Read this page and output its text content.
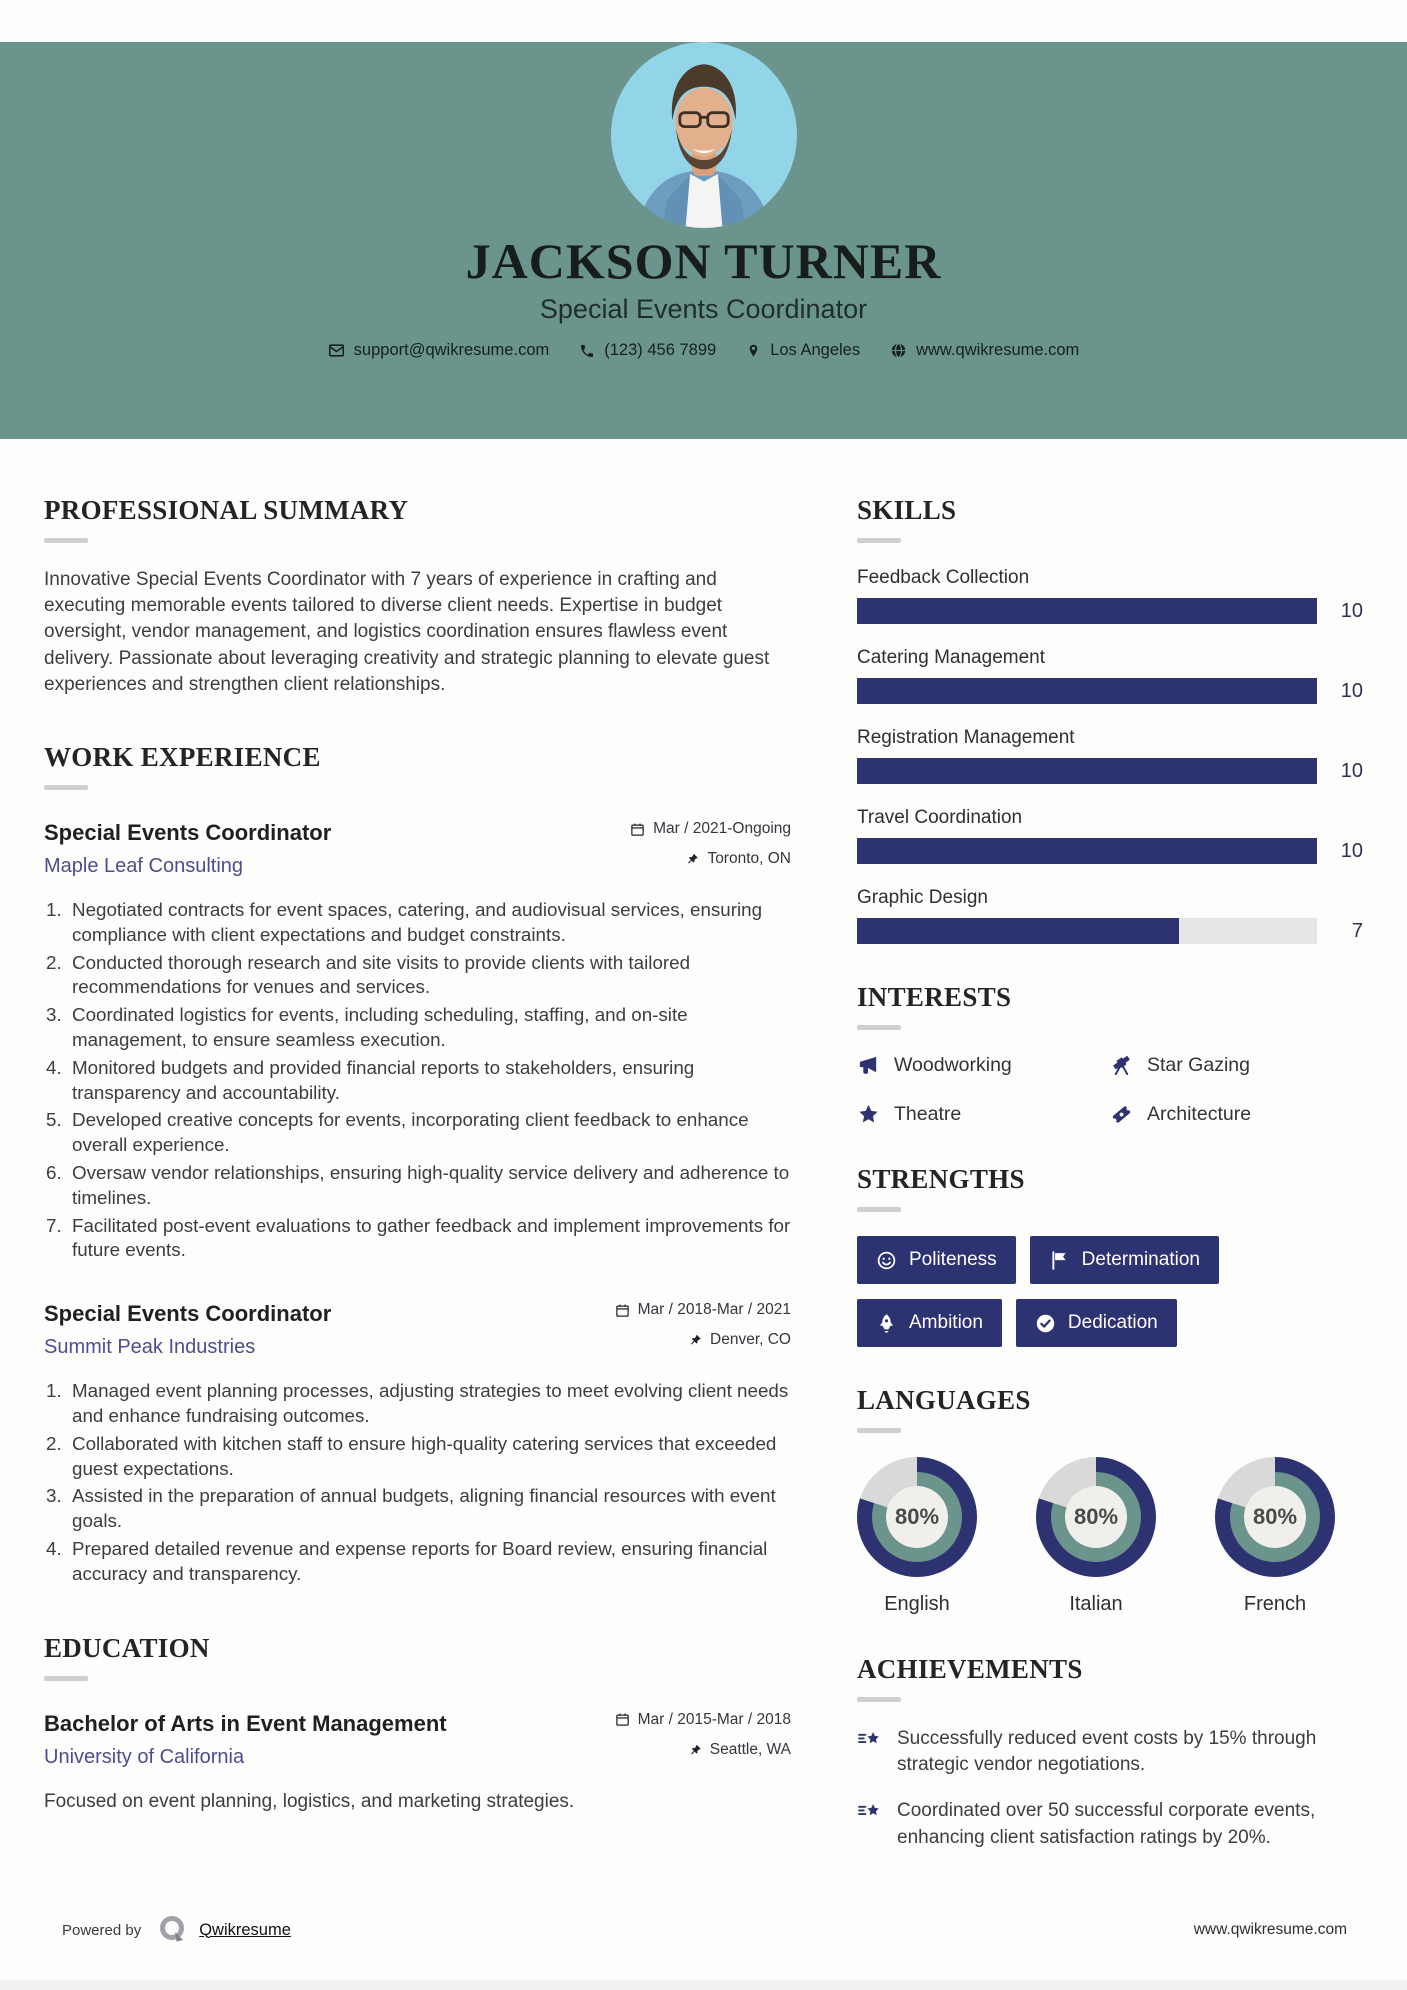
JACKSON TURNER
Special Events Coordinator
support@qwikresume.com	(123) 456 7899	Los Angeles	www.qwikresume.com
PROFESSIONAL SUMMARY

Innovative Special Events Coordinator with 7 years of experience in crafting and executing memorable events tailored to diverse client needs. Expertise in budget oversight, vendor management, and logistics coordination ensures flawless event delivery. Passionate about leveraging creativity and strategic planning to elevate guest experiences and strengthen client relationships.

WORK EXPERIENCE
Special Events Coordinator
Maple Leaf Consulting
Mar / 2021-Ongoing
Toronto, ON
Negotiated contracts for event spaces, catering, and audiovisual services, ensuring compliance with client expectations and budget constraints.
Conducted thorough research and site visits to provide clients with tailored recommendations for venues and services.
Coordinated logistics for events, including scheduling, staffing, and on-site management, to ensure seamless execution.
Monitored budgets and provided financial reports to stakeholders, ensuring transparency and accountability.
Developed creative concepts for events, incorporating client feedback to enhance overall experience.
Oversaw vendor relationships, ensuring high-quality service delivery and adherence to timelines.
Facilitated post-event evaluations to gather feedback and implement improvements for future events.
Special Events Coordinator
Summit Peak Industries
Mar / 2018-Mar / 2021
Denver, CO
Managed event planning processes, adjusting strategies to meet evolving client needs and enhance fundraising outcomes.
Collaborated with kitchen staff to ensure high-quality catering services that exceeded guest expectations.
Assisted in the preparation of annual budgets, aligning financial resources with event goals.
Prepared detailed revenue and expense reports for Board review, ensuring financial accuracy and transparency.
EDUCATION
Bachelor of Arts in Event Management
University of California
Mar / 2015-Mar / 2018
Seattle, WA

Focused on event planning, logistics, and marketing strategies.

SKILLS
Feedback Collection
10
Catering Management
10
Registration Management
10
Travel Coordination
10
Graphic Design
7
INTERESTS
Woodworking	Star Gazing
Theatre	Architecture
STRENGTHS
Politeness	Determination
Ambition	Dedication
LANGUAGES
80%
English
80%
Italian
80%
French
ACHIEVEMENTS
Successfully reduced event costs by 15% through strategic vendor negotiations.
Coordinated over 50 successful corporate events, enhancing client satisfaction ratings by 20%.
Powered by	Qwikresume	www.qwikresume.com
